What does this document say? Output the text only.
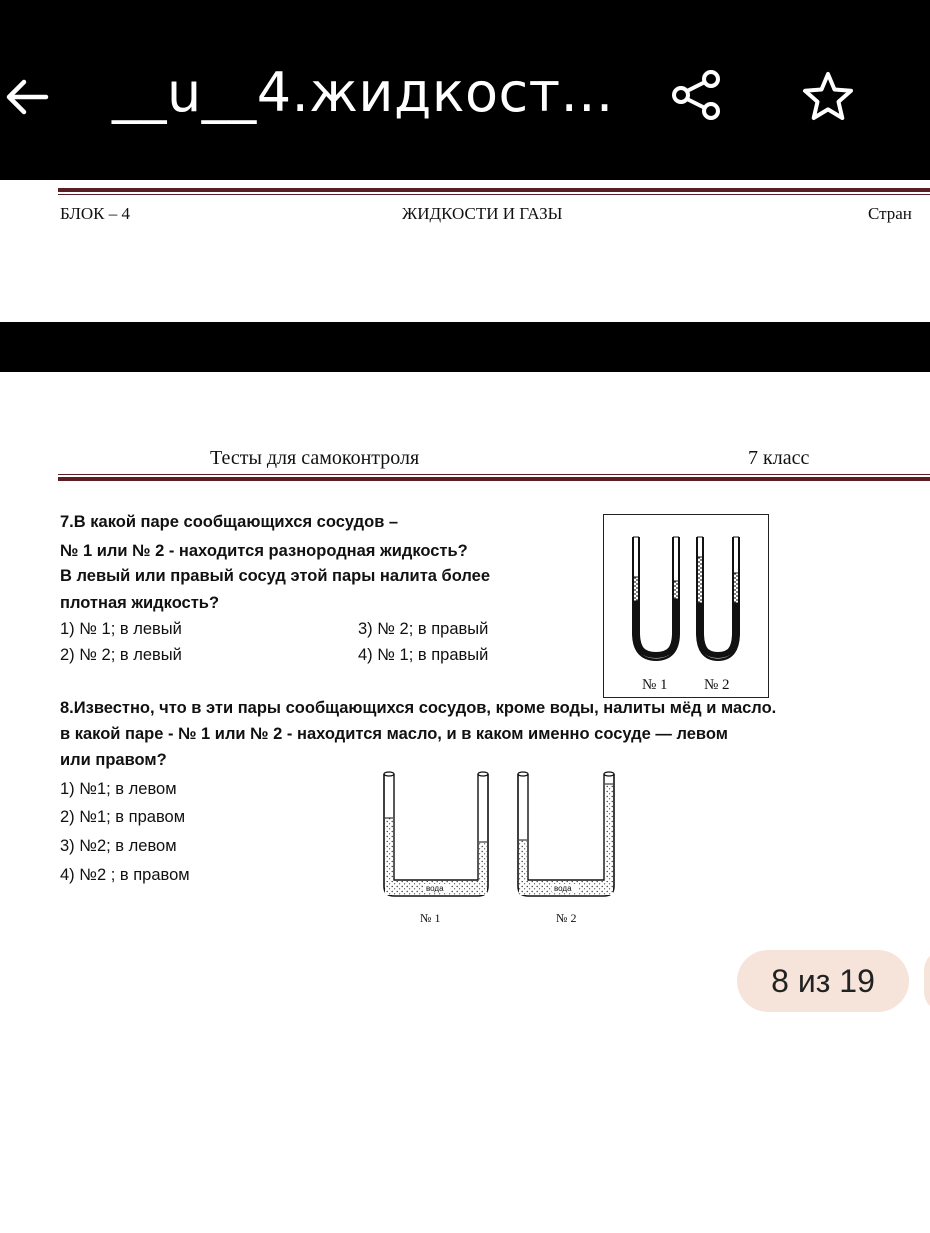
__u__4.жидкост...
БЛОК – 4	ЖИДКОСТИ И ГАЗЫ	Стран
Тесты для самоконтроля	7 класс
7.В какой паре сообщающихся сосудов –
№ 1 или № 2 - находится разнородная жидкость?
В левый или правый сосуд этой пары налита более
плотная жидкость?
1) № 1; в левый	3) № 2; в правый
2) № 2; в левый	4) № 1; в правый
№ 1 № 2
8.Известно, что в эти пары сообщающихся сосудов, кроме воды, налиты мёд и масло.
в какой паре - № 1 или № 2 - находится масло, и в каком именно сосуде — левом
или правом?
1) №1; в левом
2) №1; в правом
3) №2; в левом
4) №2 ; в правом
вода	вода
№ 1	№ 2
8 из 19
